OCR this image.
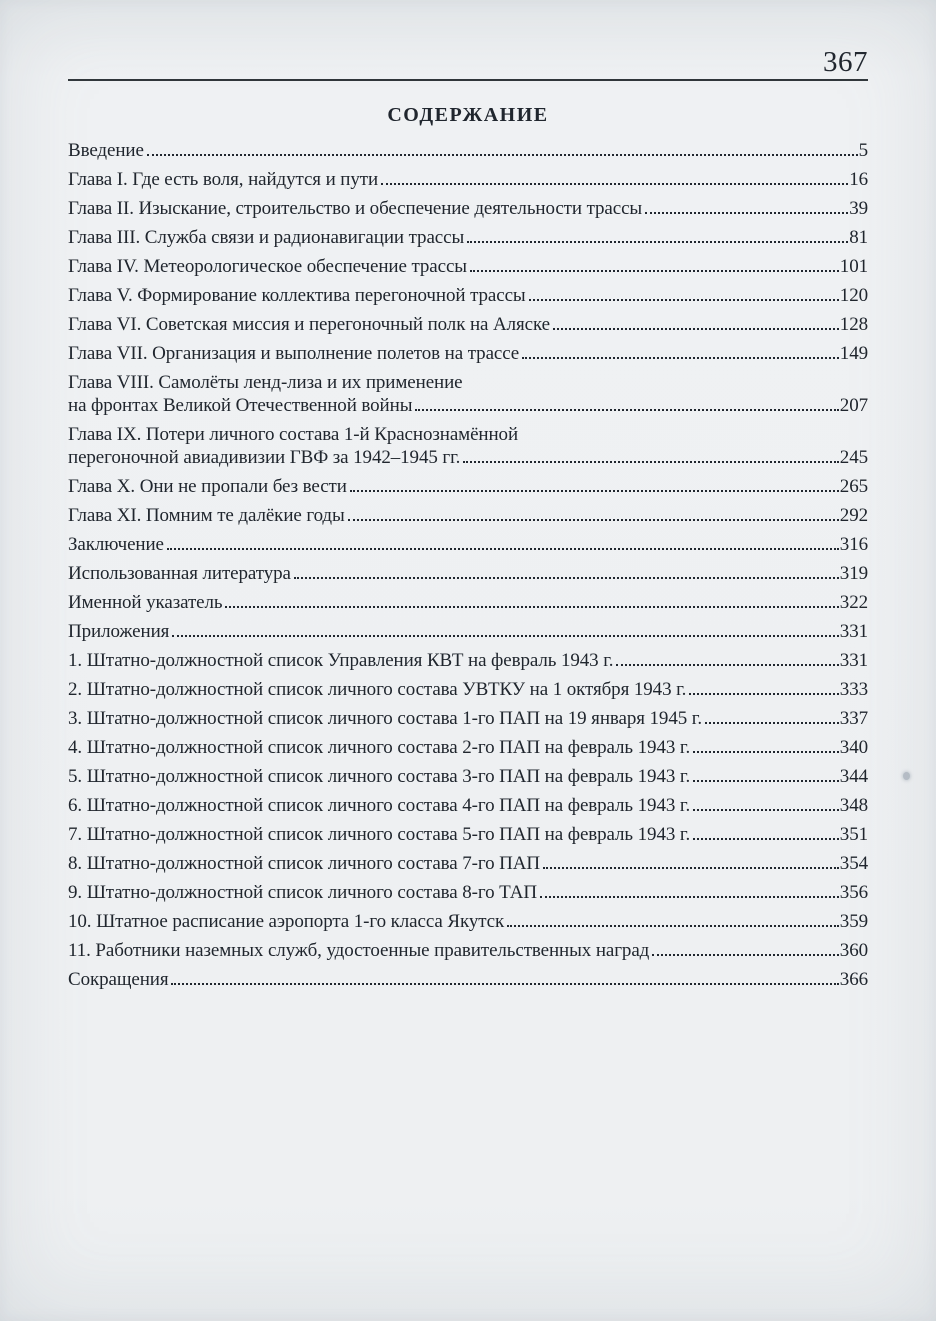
367
СОДЕРЖАНИЕ
Введение	5
Глава I. Где есть воля, найдутся и пути	16
Глава II. Изыскание, строительство и обеспечение деятельности трассы	39
Глава III. Служба связи и радионавигации трассы	81
Глава IV. Метеорологическое обеспечение трассы	101
Глава V. Формирование коллектива перегоночной трассы	120
Глава VI. Советская миссия и перегоночный полк на Аляске	128
Глава VII. Организация и выполнение полетов на трассе	149
Глава VIII. Самолёты ленд-лиза и их применение
на фронтах Великой Отечественной войны	207
Глава IX. Потери личного состава 1-й Краснознамённой
перегоночной авиадивизии ГВФ за 1942–1945 гг.	245
Глава X. Они не пропали без вести	265
Глава XI. Помним те далёкие годы	292
Заключение	316
Использованная литература	319
Именной указатель	322
Приложения	331
1. Штатно-должностной список Управления КВТ на февраль 1943 г.	331
2. Штатно-должностной список личного состава УВТКУ на 1 октября 1943 г.	333
3. Штатно-должностной список личного состава 1-го ПАП на 19 января 1945 г.	337
4. Штатно-должностной список личного состава 2-го ПАП на февраль 1943 г.	340
5. Штатно-должностной список личного состава 3-го ПАП на февраль 1943 г.	344
6. Штатно-должностной список личного состава 4-го ПАП на февраль 1943 г.	348
7. Штатно-должностной список личного состава 5-го ПАП на февраль 1943 г.	351
8. Штатно-должностной список личного состава 7-го ПАП	354
9. Штатно-должностной список личного состава 8-го ТАП	356
10. Штатное расписание аэропорта 1-го класса Якутск	359
11. Работники наземных служб, удостоенные правительственных наград	360
Сокращения	366
